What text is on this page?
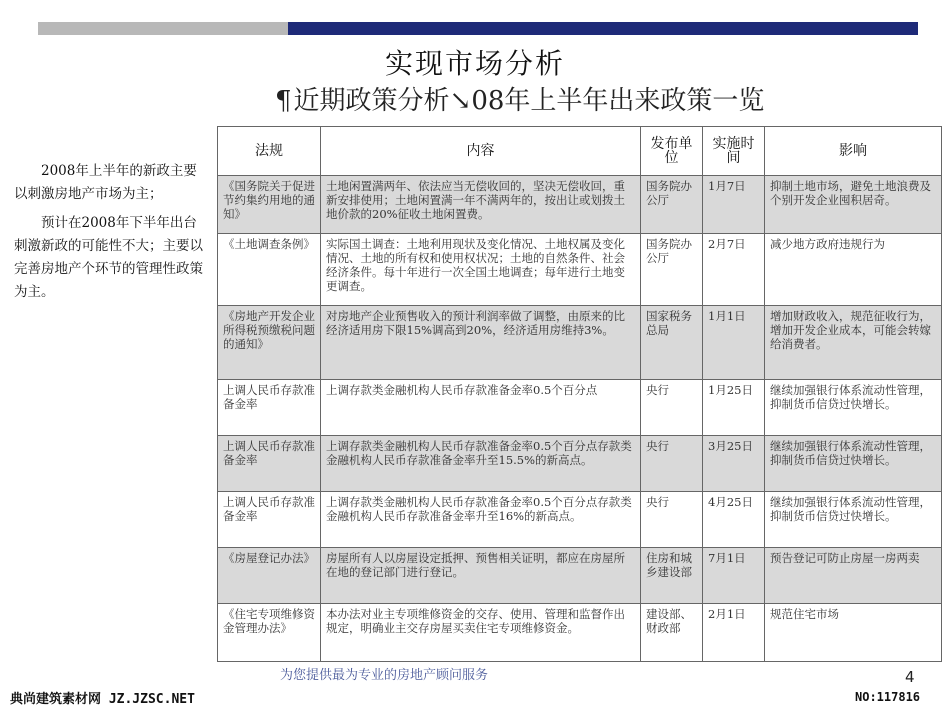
实现市场分析
¶近期政策分析↘08年上半年出来政策一览

2008年上半年的新政主要以刺激房地产市场为主；

预计在2008年下半年出台刺激新政的可能性不大；主要以完善房地产个环节的管理性政策为主。

法规	内容	发布单位	实施时间	影响
《国务院关于促进节约集约用地的通知》	土地闲置满两年、依法应当无偿收回的，坚决无偿收回，重新安排使用；土地闲置满一年不满两年的，按出让或划拨土地价款的20%征收土地闲置费。	国务院办公厅	1月7日	抑制土地市场，避免土地浪费及个别开发企业囤积居奇。
《土地调查条例》	实际国土调查：土地利用现状及变化情况、土地权属及变化情况、土地的所有权和使用权状况；土地的自然条件、社会经济条件。每十年进行一次全国土地调查；每年进行土地变更调查。	国务院办公厅	2月7日	减少地方政府违规行为
《房地产开发企业所得税预缴税问题的通知》	对房地产企业预售收入的预计利润率做了调整，由原来的比经济适用房下限15%调高到20%，经济适用房维持3%。	国家税务总局	1月1日	增加财政收入，规范征收行为，增加开发企业成本，可能会转嫁给消费者。
上调人民币存款准备金率	上调存款类金融机构人民币存款准备金率0.5个百分点	央行	1月25日	继续加强银行体系流动性管理，抑制货币信贷过快增长。
上调人民币存款准备金率	上调存款类金融机构人民币存款准备金率0.5个百分点存款类金融机构人民币存款准备金率升至15.5%的新高点。	央行	3月25日	继续加强银行体系流动性管理，抑制货币信贷过快增长。
上调人民币存款准备金率	上调存款类金融机构人民币存款准备金率0.5个百分点存款类金融机构人民币存款准备金率升至16%的新高点。	央行	4月25日	继续加强银行体系流动性管理，抑制货币信贷过快增长。
《房屋登记办法》	房屋所有人以房屋设定抵押、预售相关证明，都应在房屋所在地的登记部门进行登记。	住房和城乡建设部	7月1日	预告登记可防止房屋一房两卖
《住宅专项维修资金管理办法》	本办法对业主专项维修资金的交存、使用、管理和监督作出规定，明确业主交存房屋买卖住宅专项维修资金。	建设部、财政部	2月1日	规范住宅市场
为您提供最为专业的房地产顾问服务	4
典尚建筑素材网 JZ.JZSC.NET	NO:117816
